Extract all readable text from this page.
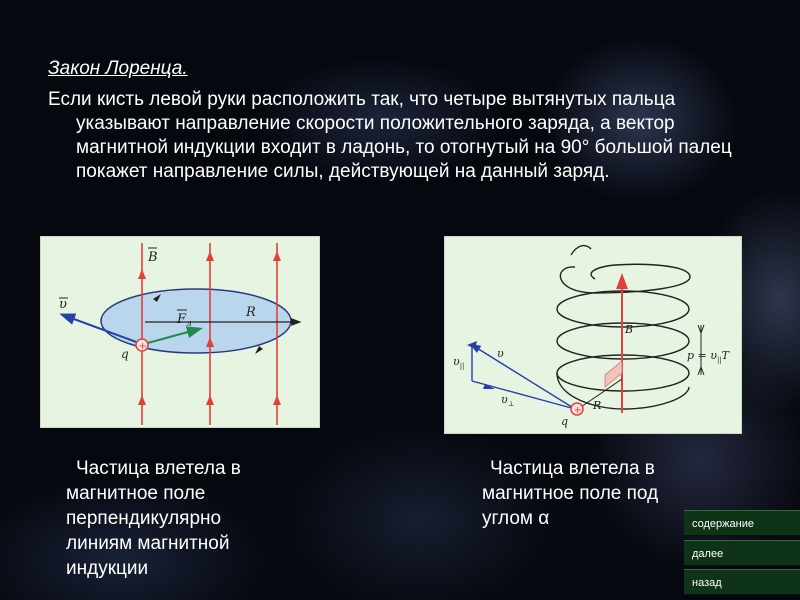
Закон Лоренца.
Если кисть левой руки расположить так, что четыре вытянутых пальца указывают направление скорости положительного заряда, а вектор магнитной индукции входит в ладонь, то отогнутый на 90° большой палец покажет направление силы, действующей на данный заряд.
R
υ
$F_л$
B
+
q
B
$p = \upsilon_{||}T$
υ
$\upsilon_{||}$
$\upsilon_\perp$
+ R
q
Частица влетела в
магнитное поле
перпендикулярно
линиям магнитной
индукции
Частица влетела в
магнитное поле под
углом α	содержание
далее
назад
